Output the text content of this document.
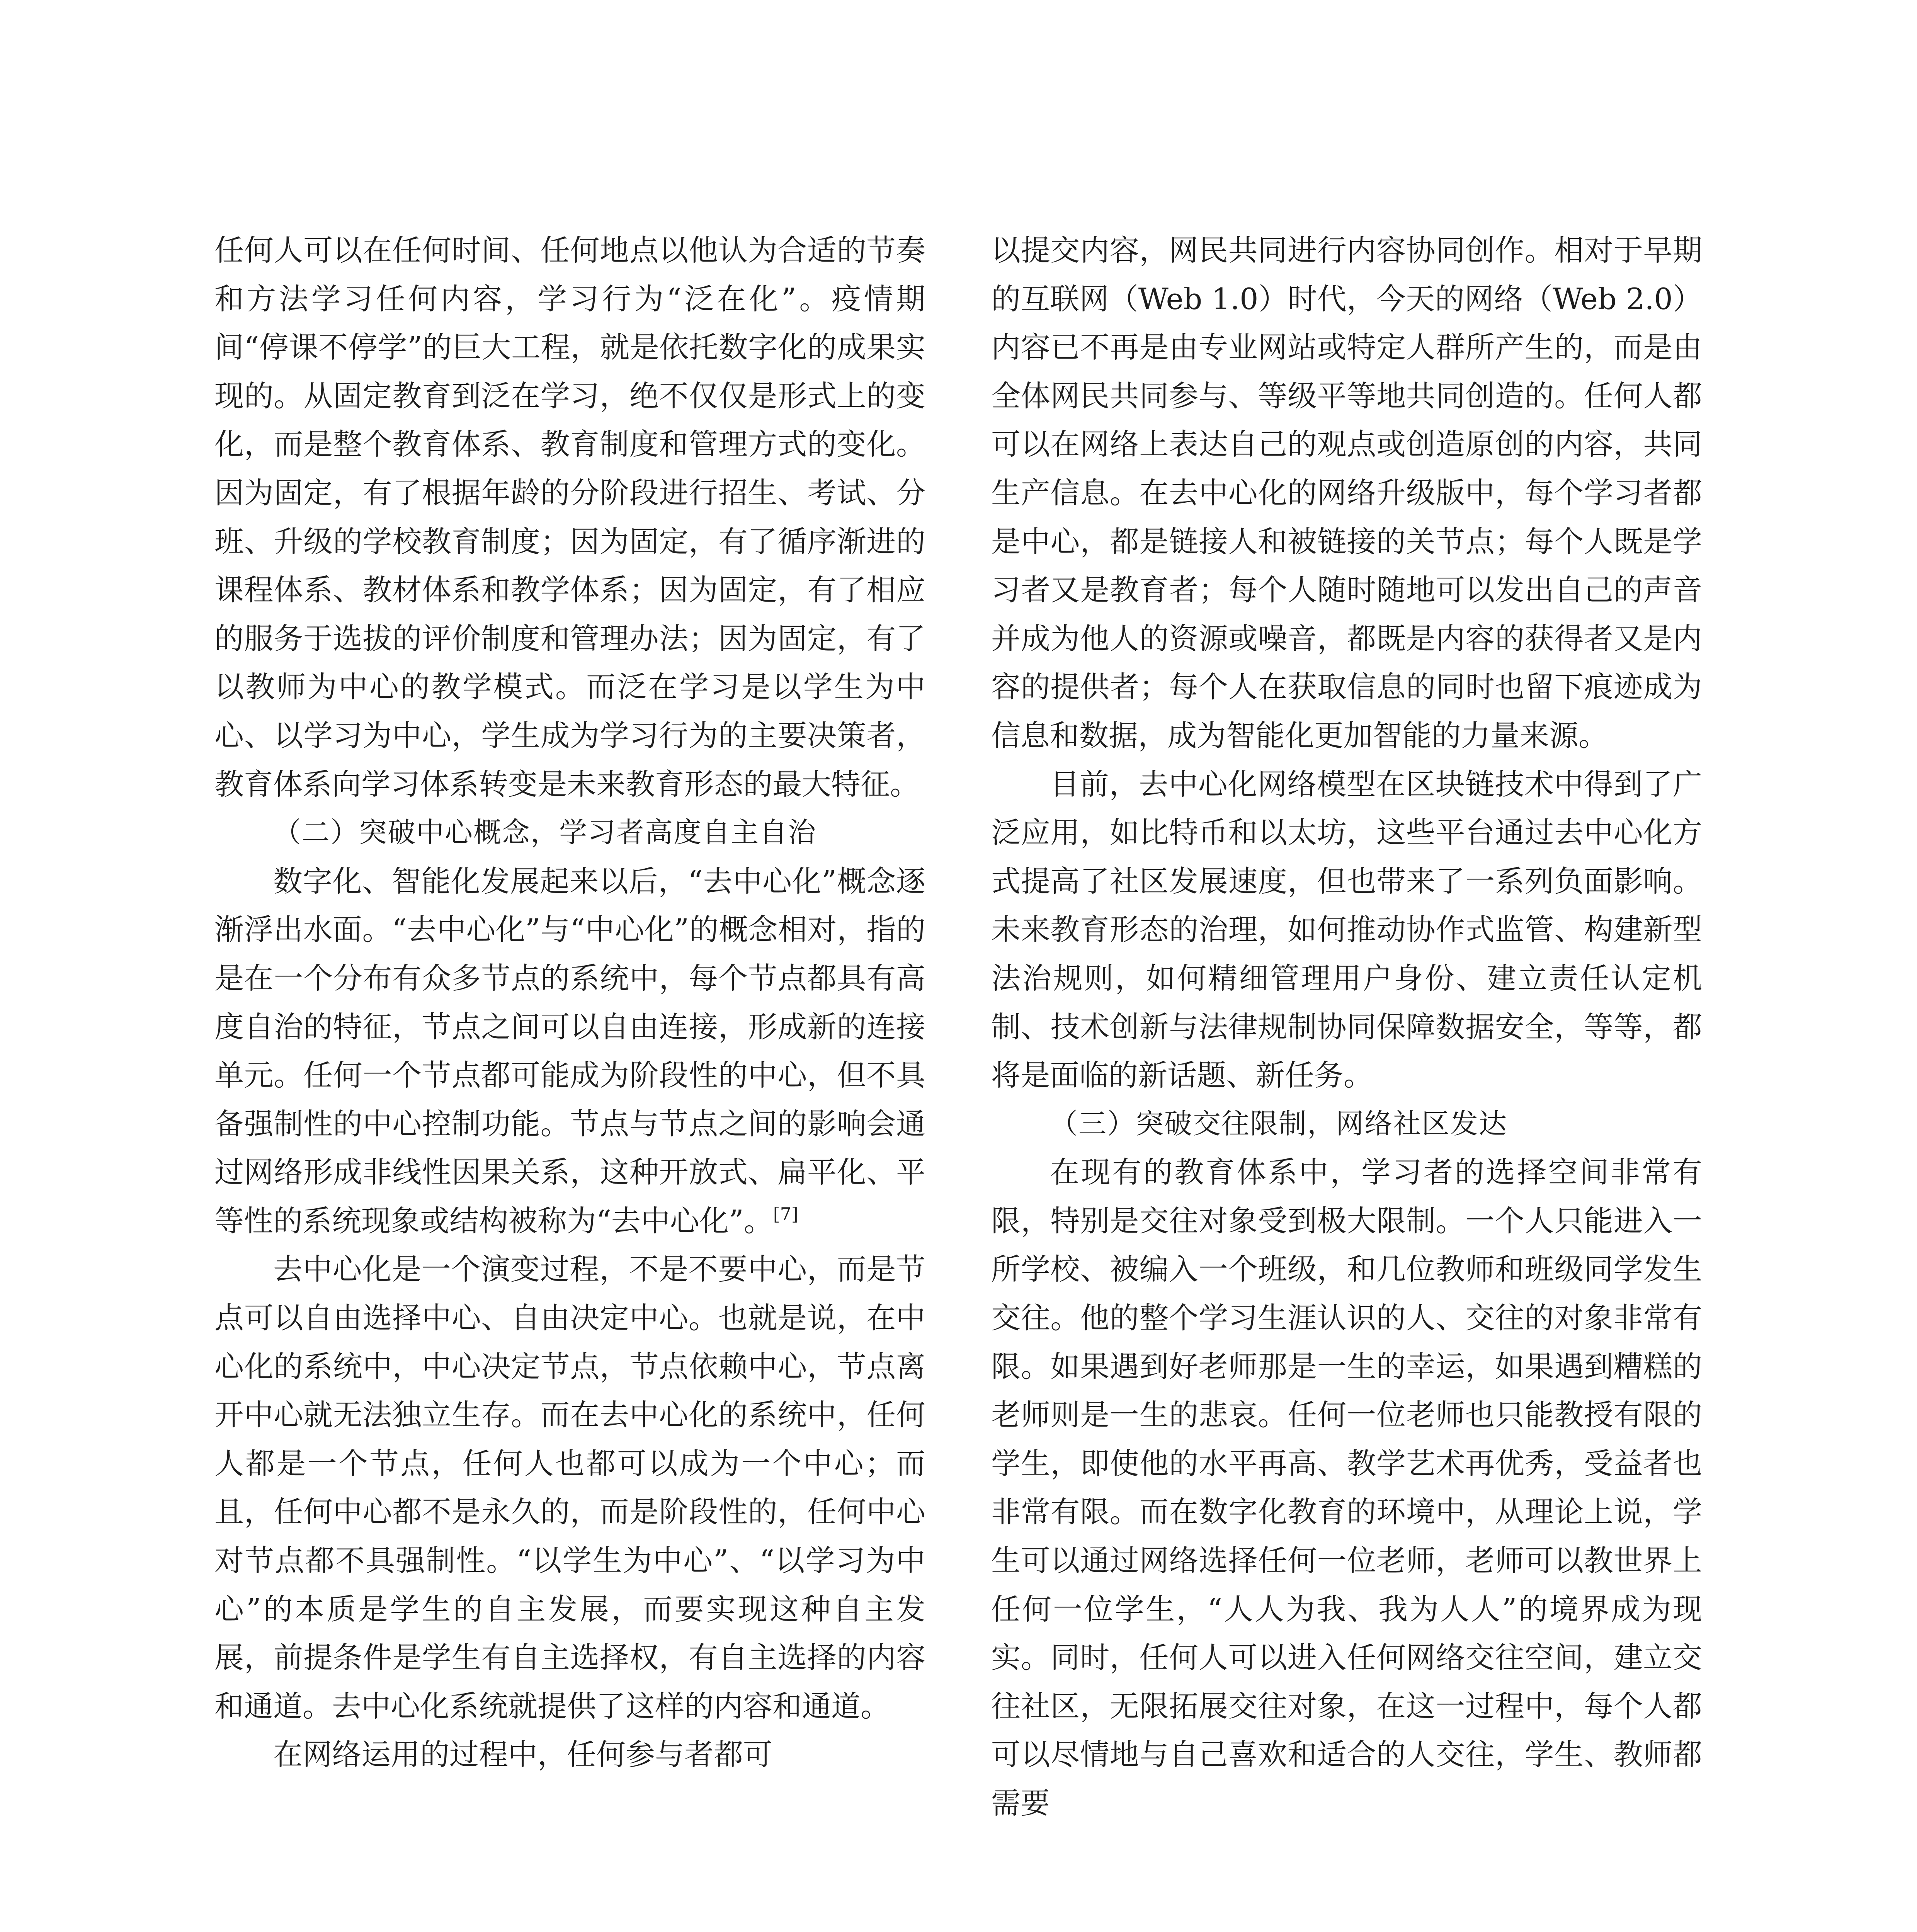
任何人可以在任何时间、任何地点以他认为合适的节奏和方法学习任何内容，学习行为“泛在化”。疫情期间“停课不停学”的巨大工程，就是依托数字化的成果实现的。从固定教育到泛在学习，绝不仅仅是形式上的变化，而是整个教育体系、教育制度和管理方式的变化。因为固定，有了根据年龄的分阶段进行招生、考试、分班、升级的学校教育制度；因为固定，有了循序渐进的课程体系、教材体系和教学体系；因为固定，有了相应的服务于选拔的评价制度和管理办法；因为固定，有了以教师为中心的教学模式。而泛在学习是以学生为中心、以学习为中心，学生成为学习行为的主要决策者，教育体系向学习体系转变是未来教育形态的最大特征。

（二）突破中心概念，学习者高度自主自治

数字化、智能化发展起来以后，“去中心化”概念逐渐浮出水面。“去中心化”与“中心化”的概念相对，指的是在一个分布有众多节点的系统中，每个节点都具有高度自治的特征，节点之间可以自由连接，形成新的连接单元。任何一个节点都可能成为阶段性的中心，但不具备强制性的中心控制功能。节点与节点之间的影响会通过网络形成非线性因果关系，这种开放式、扁平化、平等性的系统现象或结构被称为“去中心化”。[7]

去中心化是一个演变过程，不是不要中心，而是节点可以自由选择中心、自由决定中心。也就是说，在中心化的系统中，中心决定节点，节点依赖中心，节点离开中心就无法独立生存。而在去中心化的系统中，任何人都是一个节点，任何人也都可以成为一个中心；而且，任何中心都不是永久的，而是阶段性的，任何中心对节点都不具强制性。“以学生为中心”、“以学习为中心”的本质是学生的自主发展，而要实现这种自主发展，前提条件是学生有自主选择权，有自主选择的内容和通道。去中心化系统就提供了这样的内容和通道。

在网络运用的过程中，任何参与者都可

以提交内容，网民共同进行内容协同创作。相对于早期的互联网（Web 1.0）时代，今天的网络（Web 2.0）内容已不再是由专业网站或特定人群所产生的，而是由全体网民共同参与、等级平等地共同创造的。任何人都可以在网络上表达自己的观点或创造原创的内容，共同生产信息。在去中心化的网络升级版中，每个学习者都是中心，都是链接人和被链接的关节点；每个人既是学习者又是教育者；每个人随时随地可以发出自己的声音并成为他人的资源或噪音，都既是内容的获得者又是内容的提供者；每个人在获取信息的同时也留下痕迹成为信息和数据，成为智能化更加智能的力量来源。

目前，去中心化网络模型在区块链技术中得到了广泛应用，如比特币和以太坊，这些平台通过去中心化方式提高了社区发展速度，但也带来了一系列负面影响。未来教育形态的治理，如何推动协作式监管、构建新型法治规则，如何精细管理用户身份、建立责任认定机制、技术创新与法律规制协同保障数据安全，等等，都将是面临的新话题、新任务。

（三）突破交往限制，网络社区发达

在现有的教育体系中，学习者的选择空间非常有限，特别是交往对象受到极大限制。一个人只能进入一所学校、被编入一个班级，和几位教师和班级同学发生交往。他的整个学习生涯认识的人、交往的对象非常有限。如果遇到好老师那是一生的幸运，如果遇到糟糕的老师则是一生的悲哀。任何一位老师也只能教授有限的学生，即使他的水平再高、教学艺术再优秀，受益者也非常有限。而在数字化教育的环境中，从理论上说，学生可以通过网络选择任何一位老师，老师可以教世界上任何一位学生，“人人为我、我为人人”的境界成为现实。同时，任何人可以进入任何网络交往空间，建立交往社区，无限拓展交往对象，在这一过程中，每个人都可以尽情地与自己喜欢和适合的人交往，学生、教师都需要
